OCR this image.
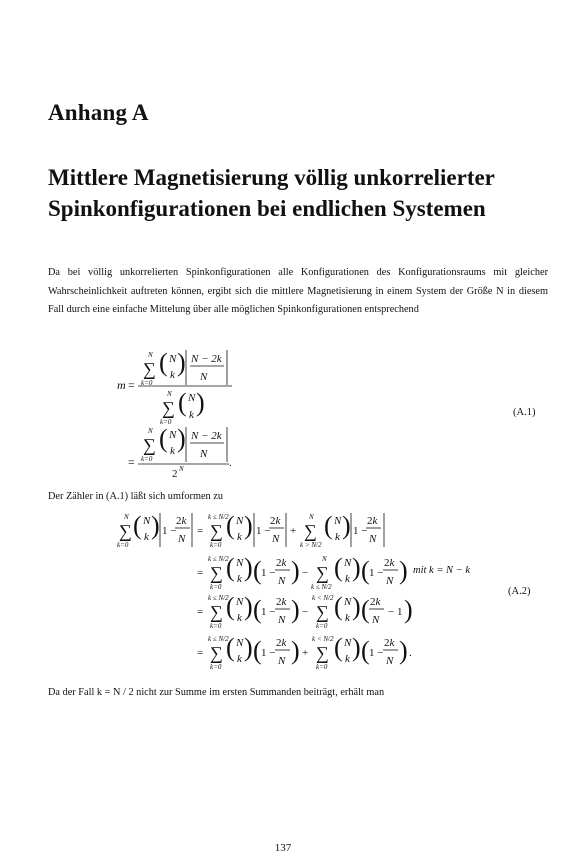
Anhang A
Mittlere Magnetisierung völlig unkorrelierter Spinkonfigurationen bei endlichen Systemen
Da bei völlig unkorrelierten Spinkonfigurationen alle Konfigurationen des Konfigurationsraums mit gleicher Wahrscheinlichkeit auftreten können, ergibt sich die mittlere Magnetisierung in einem System der Größe N in diesem Fall durch eine einfache Mittelung über alle möglichen Spinkonfigurationen entsprechend
m =
N
∑
k=0
( N
k ) N − 2k
N
N
∑
k=0
( N
k )
=
N
∑
k=0
( N
k ) N − 2k
N
2 N	.
(A.1)
Der Zähler in (A.1) läßt sich umformen zu
N
∑
k=0
( N
k ) 1 −
2k
N
=
k ≤ N/2
∑
k=0
( N
k ) 1 −
2k
N
+
N
∑
k > N/2
( N
k ) 1 −
2k
N
=
k ≤ N/2
∑
k=0
( N
k ) ( 1 −
2k
N ) −
N
∑
k ≤ N/2
( N
k ) ( 1 −
2k
N )
=
k ≤ N/2
∑
k=0
( N
k ) ( 1 −
2k
N ) −
k < N/2
∑
k=0
( N
k ) ( 2k
N
− 1 )
=
k ≤ N/2
∑
k=0
( N
k ) ( 1 −
2k
N ) +
k < N/2
∑
k=0
( N
k ) ( 1 −
2k
N ) .
mit k = N − k
(A.2)
Da der Fall k = N / 2 nicht zur Summe im ersten Summanden beiträgt, erhält man
137
